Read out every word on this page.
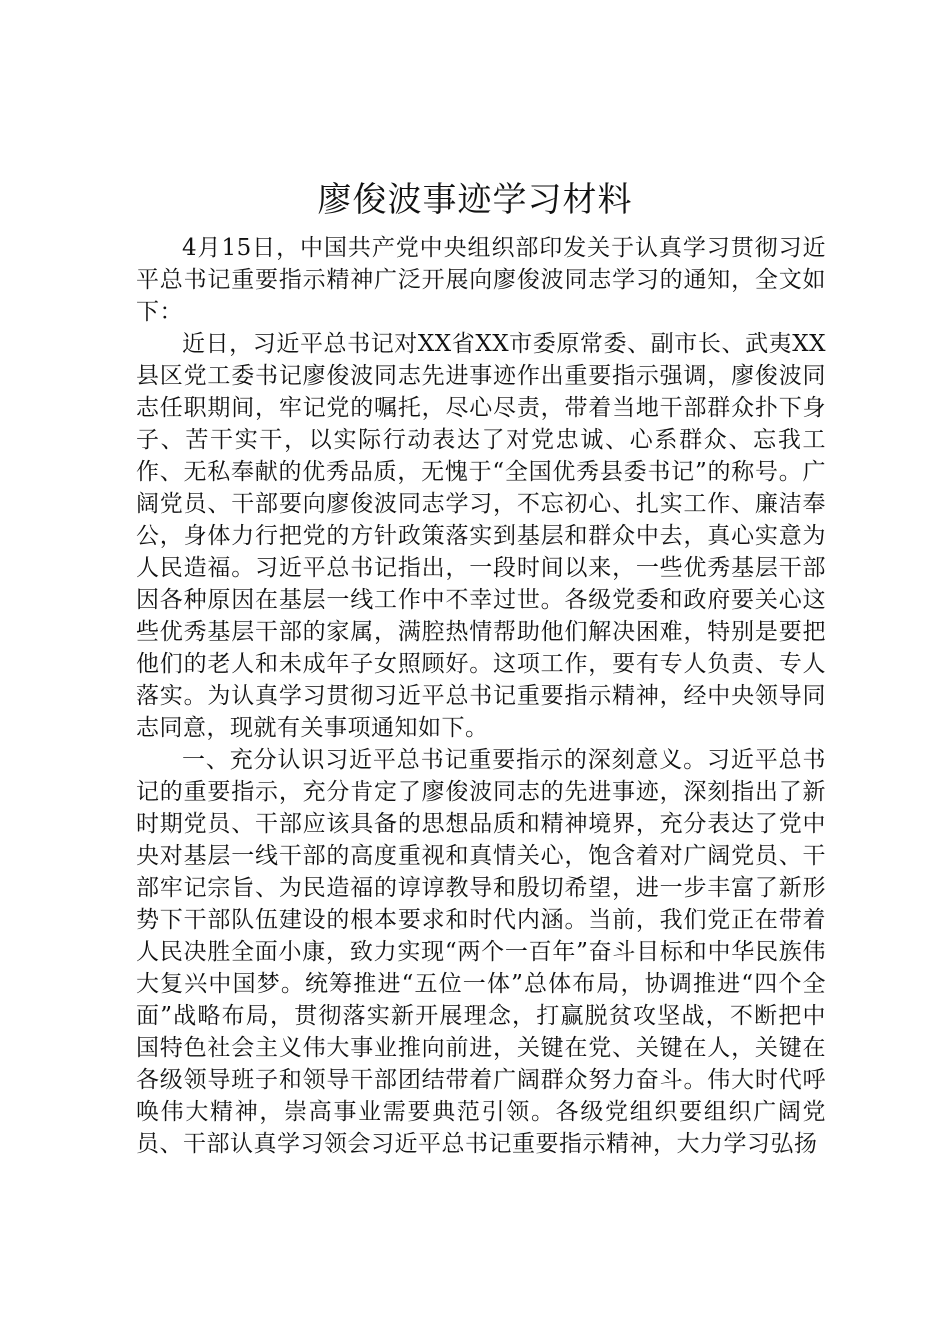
廖俊波事迹学习材料

4月15日，中国共产党中央组织部印发关于认真学习贯彻习近平总书记重要指示精神广泛开展向廖俊波同志学习的通知，全文如下：

近日，习近平总书记对XX省XX市委原常委、副市长、武夷XX县区党工委书记廖俊波同志先进事迹作出重要指示强调，廖俊波同志任职期间，牢记党的嘱托，尽心尽责，带着当地干部群众扑下身子、苦干实干，以实际行动表达了对党忠诚、心系群众、忘我工作、无私奉献的优秀品质，无愧于“全国优秀县委书记”的称号。广阔党员、干部要向廖俊波同志学习，不忘初心、扎实工作、廉洁奉公，身体力行把党的方针政策落实到基层和群众中去，真心实意为人民造福。习近平总书记指出，一段时间以来，一些优秀基层干部因各种原因在基层一线工作中不幸过世。各级党委和政府要关心这些优秀基层干部的家属，满腔热情帮助他们解决困难，特别是要把他们的老人和未成年子女照顾好。这项工作，要有专人负责、专人落实。为认真学习贯彻习近平总书记重要指示精神，经中央领导同志同意，现就有关事项通知如下。

一、充分认识习近平总书记重要指示的深刻意义。习近平总书记的重要指示，充分肯定了廖俊波同志的先进事迹，深刻指出了新时期党员、干部应该具备的思想品质和精神境界，充分表达了党中央对基层一线干部的高度重视和真情关心，饱含着对广阔党员、干部牢记宗旨、为民造福的谆谆教导和殷切希望，进一步丰富了新形势下干部队伍建设的根本要求和时代内涵。当前，我们党正在带着人民决胜全面小康，致力实现“两个一百年”奋斗目标和中华民族伟大复兴中国梦。统筹推进“五位一体”总体布局，协调推进“四个全面”战略布局，贯彻落实新开展理念，打赢脱贫攻坚战，不断把中国特色社会主义伟大事业推向前进，关键在党、关键在人，关键在各级领导班子和领导干部团结带着广阔群众努力奋斗。伟大时代呼唤伟大精神，崇高事业需要典范引领。各级党组织要组织广阔党员、干部认真学习领会习近平总书记重要指示精神，大力学习弘扬
